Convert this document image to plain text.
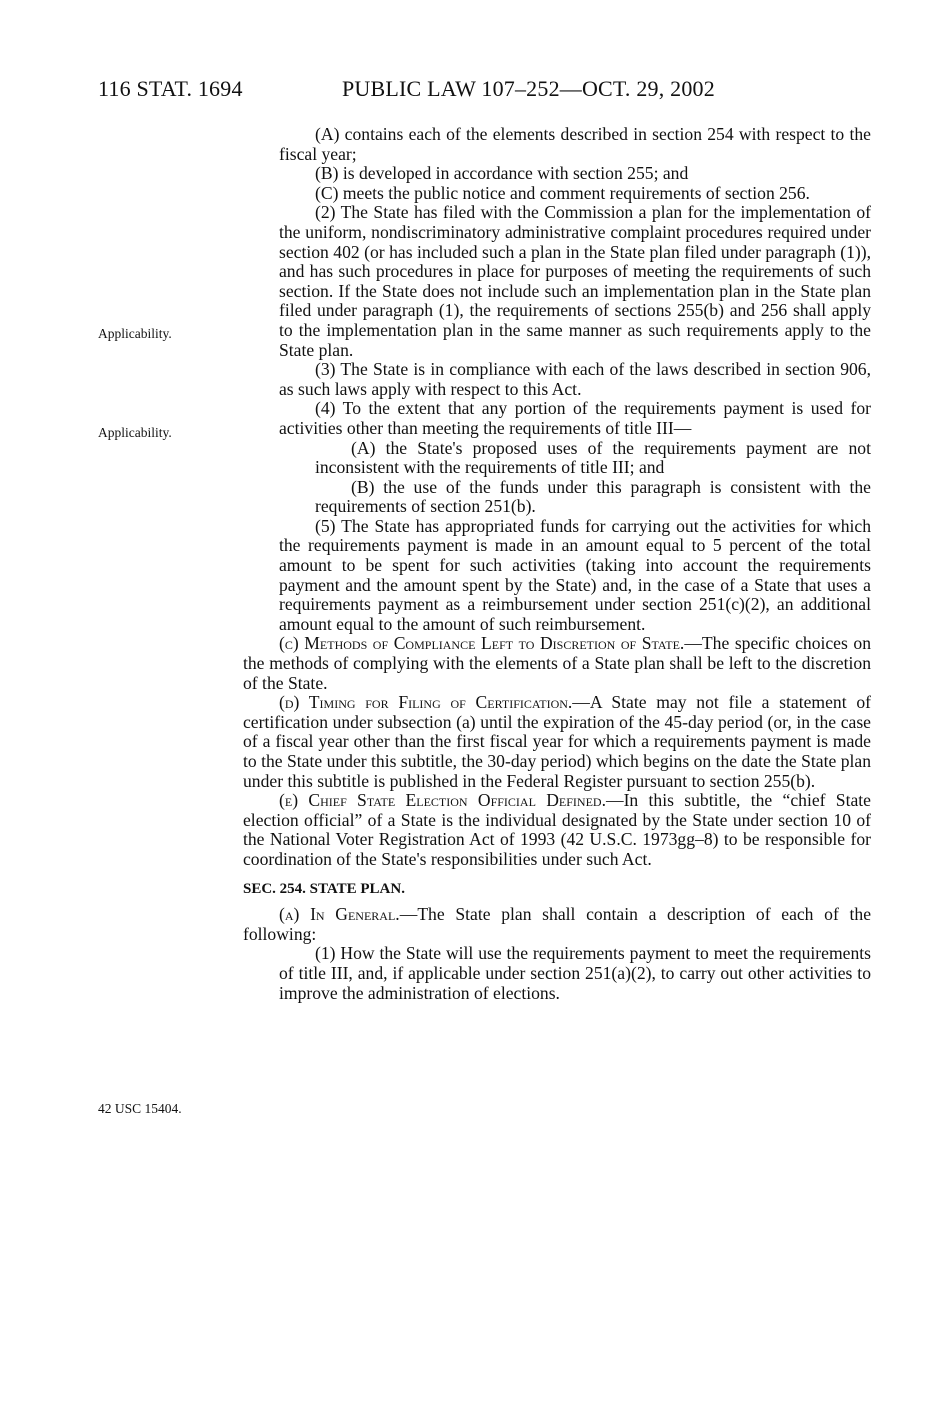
116 STAT. 1694	PUBLIC LAW 107–252—OCT. 29, 2002
Applicability.
Applicability.
42 USC 15404.

(A) contains each of the elements described in section 254 with respect to the fiscal year;

(B) is developed in accordance with section 255; and

(C) meets the public notice and comment requirements of section 256.

(2) The State has filed with the Commission a plan for the implementation of the uniform, nondiscriminatory administrative complaint procedures required under section 402 (or has included such a plan in the State plan filed under paragraph (1)), and has such procedures in place for purposes of meeting the requirements of such section. If the State does not include such an implementation plan in the State plan filed under paragraph (1), the requirements of sections 255(b) and 256 shall apply to the implementation plan in the same manner as such requirements apply to the State plan.

(3) The State is in compliance with each of the laws described in section 906, as such laws apply with respect to this Act.

(4) To the extent that any portion of the requirements payment is used for activities other than meeting the requirements of title III—

(A) the State's proposed uses of the requirements payment are not inconsistent with the requirements of title III; and

(B) the use of the funds under this paragraph is consistent with the requirements of section 251(b).

(5) The State has appropriated funds for carrying out the activities for which the requirements payment is made in an amount equal to 5 percent of the total amount to be spent for such activities (taking into account the requirements payment and the amount spent by the State) and, in the case of a State that uses a requirements payment as a reimbursement under section 251(c)(2), an additional amount equal to the amount of such reimbursement.

(c) Methods of Compliance Left to Discretion of State.—The specific choices on the methods of complying with the elements of a State plan shall be left to the discretion of the State.

(d) Timing for Filing of Certification.—A State may not file a statement of certification under subsection (a) until the expiration of the 45-day period (or, in the case of a fiscal year other than the first fiscal year for which a requirements payment is made to the State under this subtitle, the 30-day period) which begins on the date the State plan under this subtitle is published in the Federal Register pursuant to section 255(b).

(e) Chief State Election Official Defined.—In this subtitle, the “chief State election official” of a State is the individual designated by the State under section 10 of the National Voter Registration Act of 1993 (42 U.S.C. 1973gg–8) to be responsible for coordination of the State's responsibilities under such Act.

SEC. 254. STATE PLAN.

(a) In General.—The State plan shall contain a description of each of the following:

(1) How the State will use the requirements payment to meet the requirements of title III, and, if applicable under section 251(a)(2), to carry out other activities to improve the administration of elections.
